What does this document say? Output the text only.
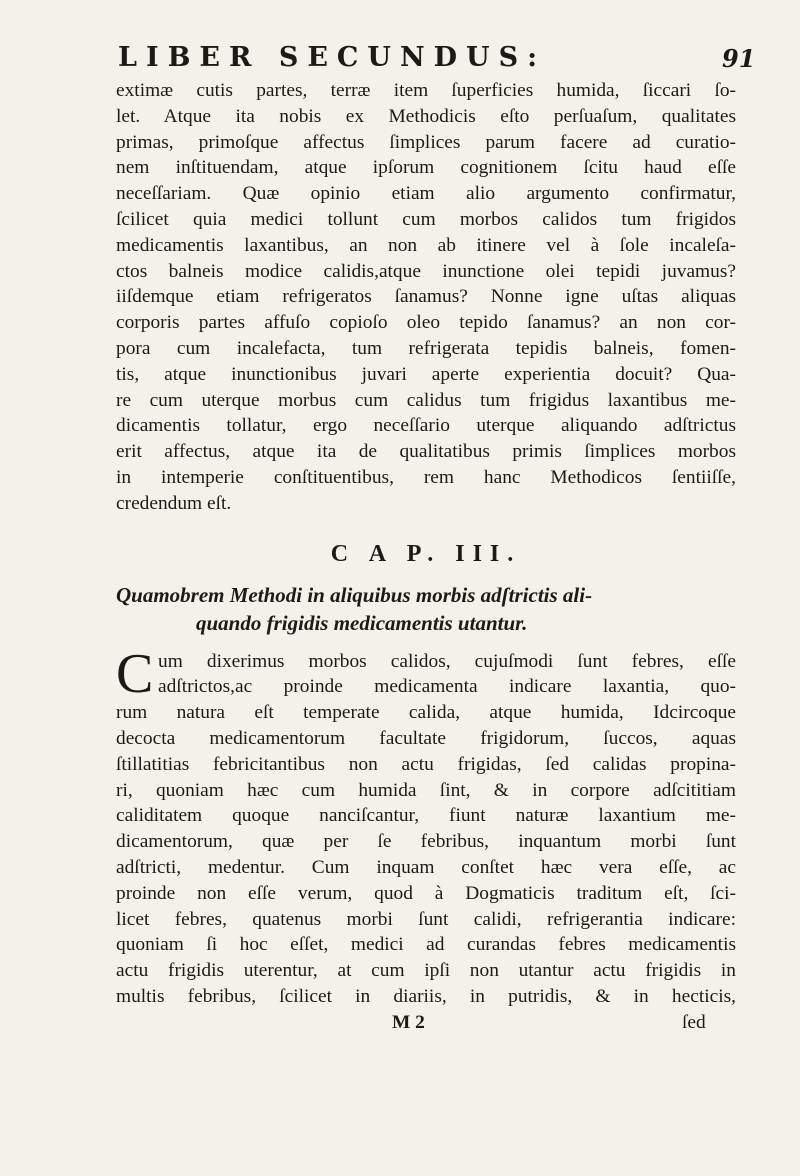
LIBER SECUNDUS:	91
extimæ cutis partes, terræ item ſuperficies humida, ſiccari ſo-
let. Atque ita nobis ex Methodicis eſto perſuaſum, qualitates
primas, primoſque affectus ſimplices parum facere ad curatio-
nem inſtituendam, atque ipſorum cognitionem ſcitu haud eſſe
neceſſariam. Quæ opinio etiam alio argumento confirmatur,
ſcilicet quia medici tollunt cum morbos calidos tum frigidos
medicamentis laxantibus, an non ab itinere vel à ſole incaleſa-
ctos balneis modice calidis,atque inunctione olei tepidi juvamus?
iiſdemque etiam refrigeratos ſanamus? Nonne igne uſtas aliquas
corporis partes affuſo copioſo oleo tepido ſanamus? an non cor-
pora cum incalefacta, tum refrigerata tepidis balneis, fomen-
tis, atque inunctionibus juvari aperte experientia docuit? Qua-
re cum uterque morbus cum calidus tum frigidus laxantibus me-
dicamentis tollatur, ergo neceſſario uterque aliquando adſtrictus
erit affectus, atque ita de qualitatibus primis ſimplices morbos
in intemperie conſtituentibus, rem hanc Methodicos ſentiiſſe,
credendum eſt.
C A P. III.
Quamobrem Methodi in aliquibus morbis adſtrictis ali-
quando frigidis medicamentis utantur.
C um dixerimus morbos calidos, cujuſmodi ſunt febres, eſſe
adſtrictos,ac proinde medicamenta indicare laxantia, quo-
rum natura eſt temperate calida, atque humida, Idcircoque
decocta medicamentorum facultate frigidorum, ſuccos, aquas
ſtillatitias febricitantibus non actu frigidas, ſed calidas propina-
ri, quoniam hæc cum humida ſint, & in corpore adſcititiam
caliditatem quoque nanciſcantur, fiunt naturæ laxantium me-
dicamentorum, quæ per ſe febribus, inquantum morbi ſunt
adſtricti, medentur. Cum inquam conſtet hæc vera eſſe, ac
proinde non eſſe verum, quod à Dogmaticis traditum eſt, ſci-
licet febres, quatenus morbi ſunt calidi, refrigerantia indicare:
quoniam ſi hoc eſſet, medici ad curandas febres medicamentis
actu frigidis uterentur, at cum ipſi non utantur actu frigidis in
multis febribus, ſcilicet in diariis, in putridis, & in hecticis,
M 2	ſed
